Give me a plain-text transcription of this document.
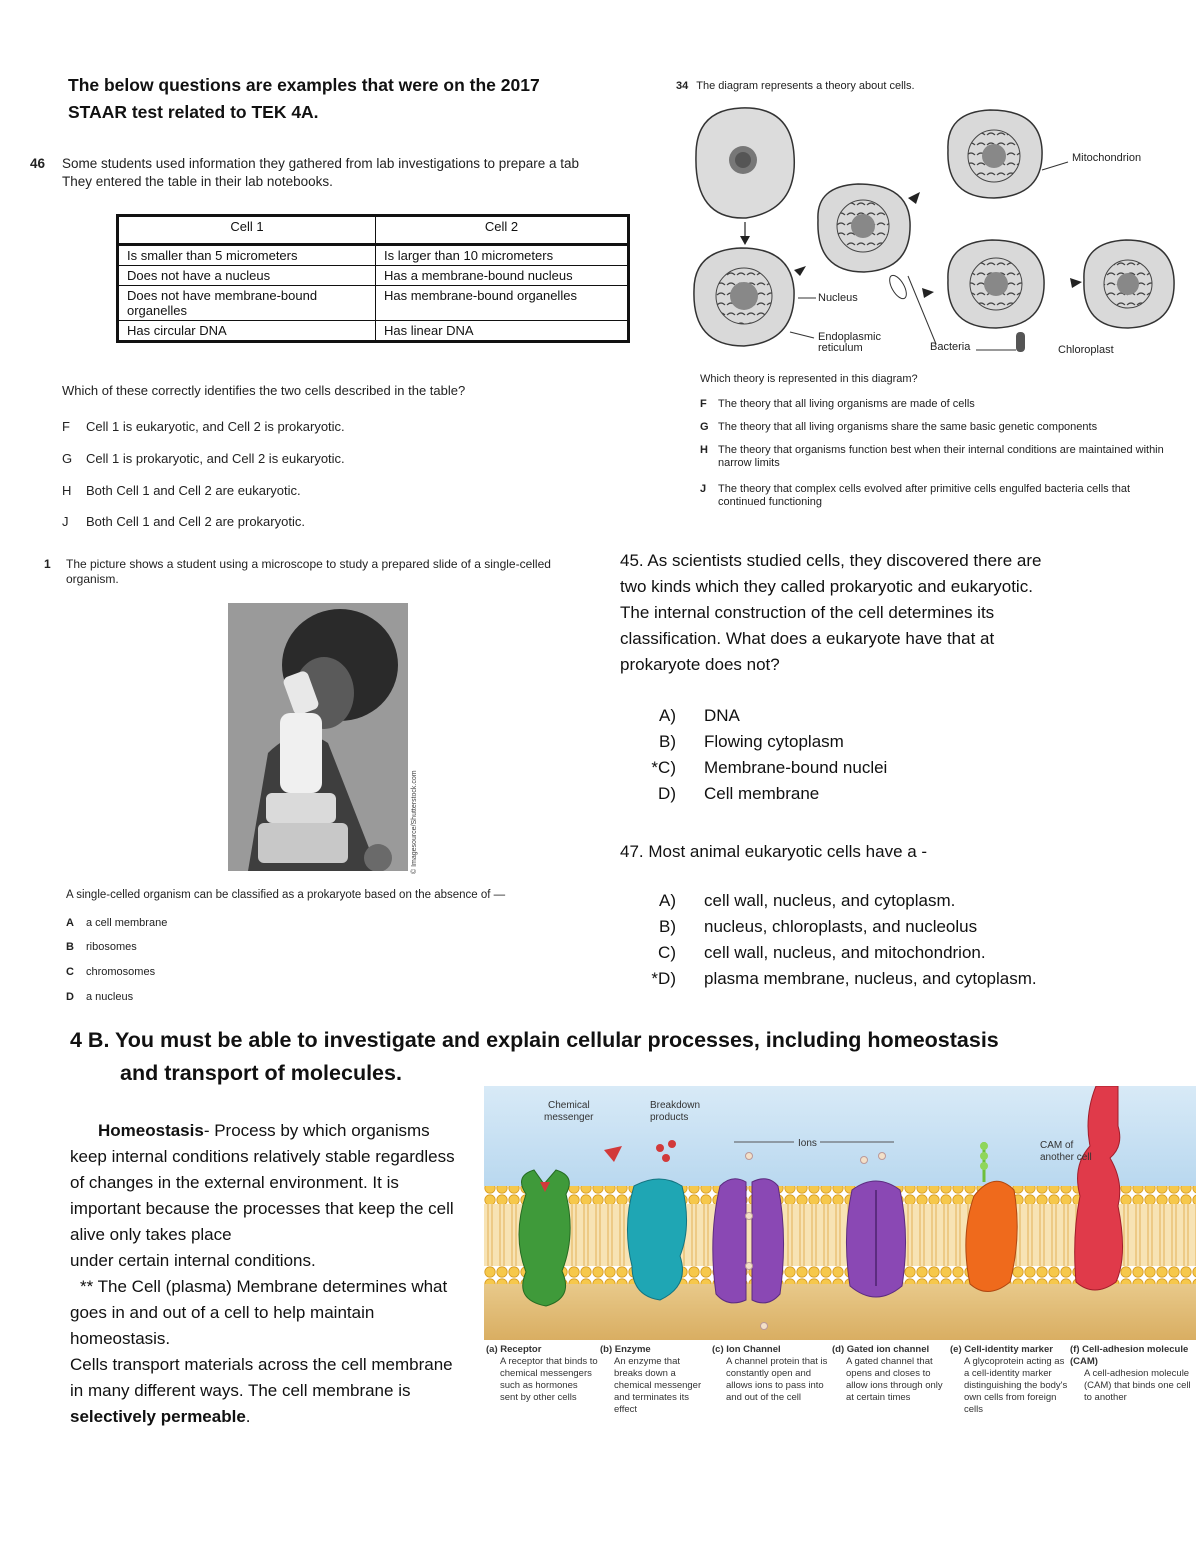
The below questions are examples that were on the 2017
STAAR test related to TEK 4A.
46 Some students used information they gathered from lab investigations to prepare a tab
They entered the table in their lab notebooks.
Cell 1	Cell 2
Is smaller than 5 micrometers	Is larger than 10 micrometers
Does not have a nucleus	Has a membrane-bound nucleus
Does not have membrane-bound organelles	Has membrane-bound organelles
Has circular DNA	Has linear DNA
Which of these correctly identifies the two cells described in the table?
F Cell 1 is eukaryotic, and Cell 2 is prokaryotic.
G Cell 1 is prokaryotic, and Cell 2 is eukaryotic.
H Both Cell 1 and Cell 2 are eukaryotic.
J Both Cell 1 and Cell 2 are prokaryotic.
34 The diagram represents a theory about cells.
Mitochondrion
Nucleus
Endoplasmic reticulum	Bacteria	Chloroplast
Which theory is represented in this diagram?
F The theory that all living organisms are made of cells
G The theory that all living organisms share the same basic genetic components
H The theory that organisms function best when their internal conditions are maintained within narrow limits
J	The theory that complex cells evolved after primitive cells engulfed bacteria cells that continued functioning
1	The picture shows a student using a microscope to study a prepared slide of a single-celled organism.
© Imagesource/Shutterstock.com
A single-celled organism can be classified as a prokaryote based on the absence of —
A a cell membrane
B ribosomes
C chromosomes
D a nucleus
45. As scientists studied cells, they discovered there are
two kinds which they called prokaryotic and eukaryotic.
The internal construction of the cell determines its
classification. What does a eukaryote have that at
prokaryote does not?
A) DNA
B) Flowing cytoplasm
*C) Membrane-bound nuclei
D) Cell membrane
47. Most animal eukaryotic cells have a -
A) cell wall, nucleus, and cytoplasm.
B) nucleus, chloroplasts, and nucleolus
C) cell wall, nucleus, and mitochondrion.
*D) plasma membrane, nucleus, and cytoplasm.
4 B. You must be able to investigate and explain cellular processes, including homeostasis
and transport of molecules.
Homeostasis- Process by which organisms keep internal conditions relatively stable regardless of changes in the external environment. It is important because the processes that keep the cell alive only takes place
under certain internal conditions.
** The Cell (plasma) Membrane determines what goes in and out of a cell to help maintain homeostasis.
Cells transport materials across the cell membrane in many different ways. The cell membrane is selectively permeable.
Chemical
messenger
Breakdown
products
Ions	CAM of
another cell
(a) Receptor
A receptor that binds to chemical messengers such as hormones sent by other cells
(b) Enzyme
An enzyme that breaks down a chemical messenger and terminates its effect
(c) Ion Channel
A channel protein that is constantly open and allows ions to pass into and out of the cell
(d) Gated ion channel
A gated channel that opens and closes to allow ions through only at certain times
(e) Cell-identity marker
A glycoprotein acting as a cell-identity marker distinguishing the body's own cells from foreign cells
(f) Cell-adhesion molecule (CAM)
A cell-adhesion molecule (CAM) that binds one cell to another
